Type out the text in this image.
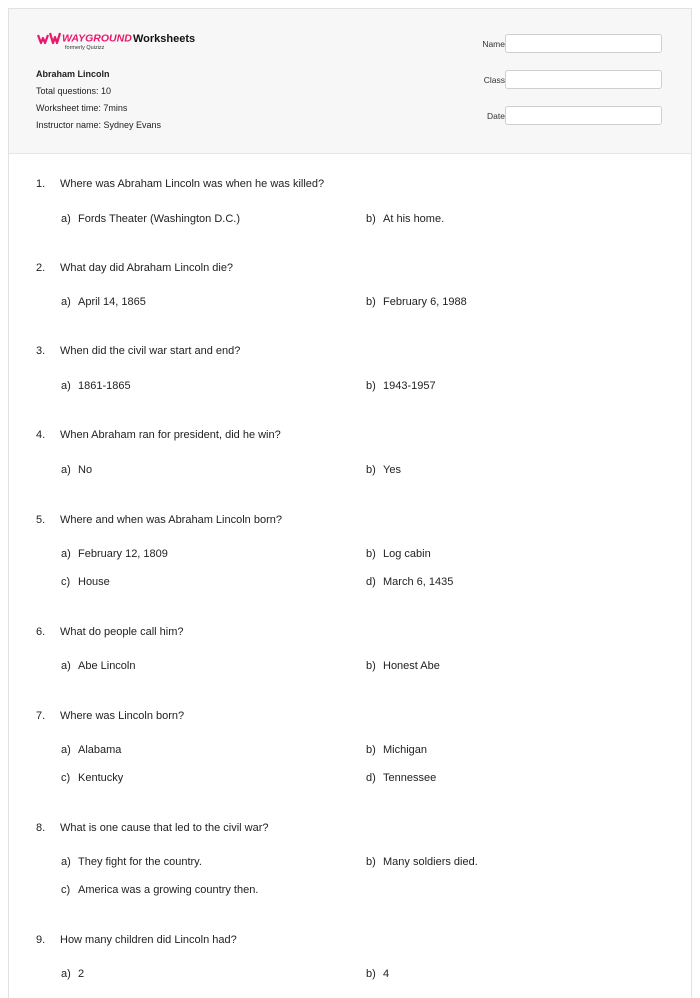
WAYGROUND
formerly Quizizz
Worksheets
Abraham Lincoln
Total questions: 10
Worksheet time: 7mins
Instructor name: Sydney Evans
Name
Class
Date
1. Where was Abraham Lincoln was when he was killed?
a) Fords Theater (Washington D.C.)	b) At his home.
2. What day did Abraham Lincoln die?
a) April 14, 1865	b) February 6, 1988
3. When did the civil war start and end?
a) 1861-1865	b) 1943-1957
4. When Abraham ran for president, did he win?
a) No	b) Yes
5. Where and when was Abraham Lincoln born?
a) February 12, 1809	b) Log cabin
c) House	d) March 6, 1435
6. What do people call him?
a) Abe Lincoln	b) Honest Abe
7. Where was Lincoln born?
a) Alabama	b) Michigan
c) Kentucky	d) Tennessee
8. What is one cause that led to the civil war?
a) They fight for the country.	b) Many soldiers died.
c) America was a growing country then.
9. How many children did Lincoln had?
a) 2	b) 4
